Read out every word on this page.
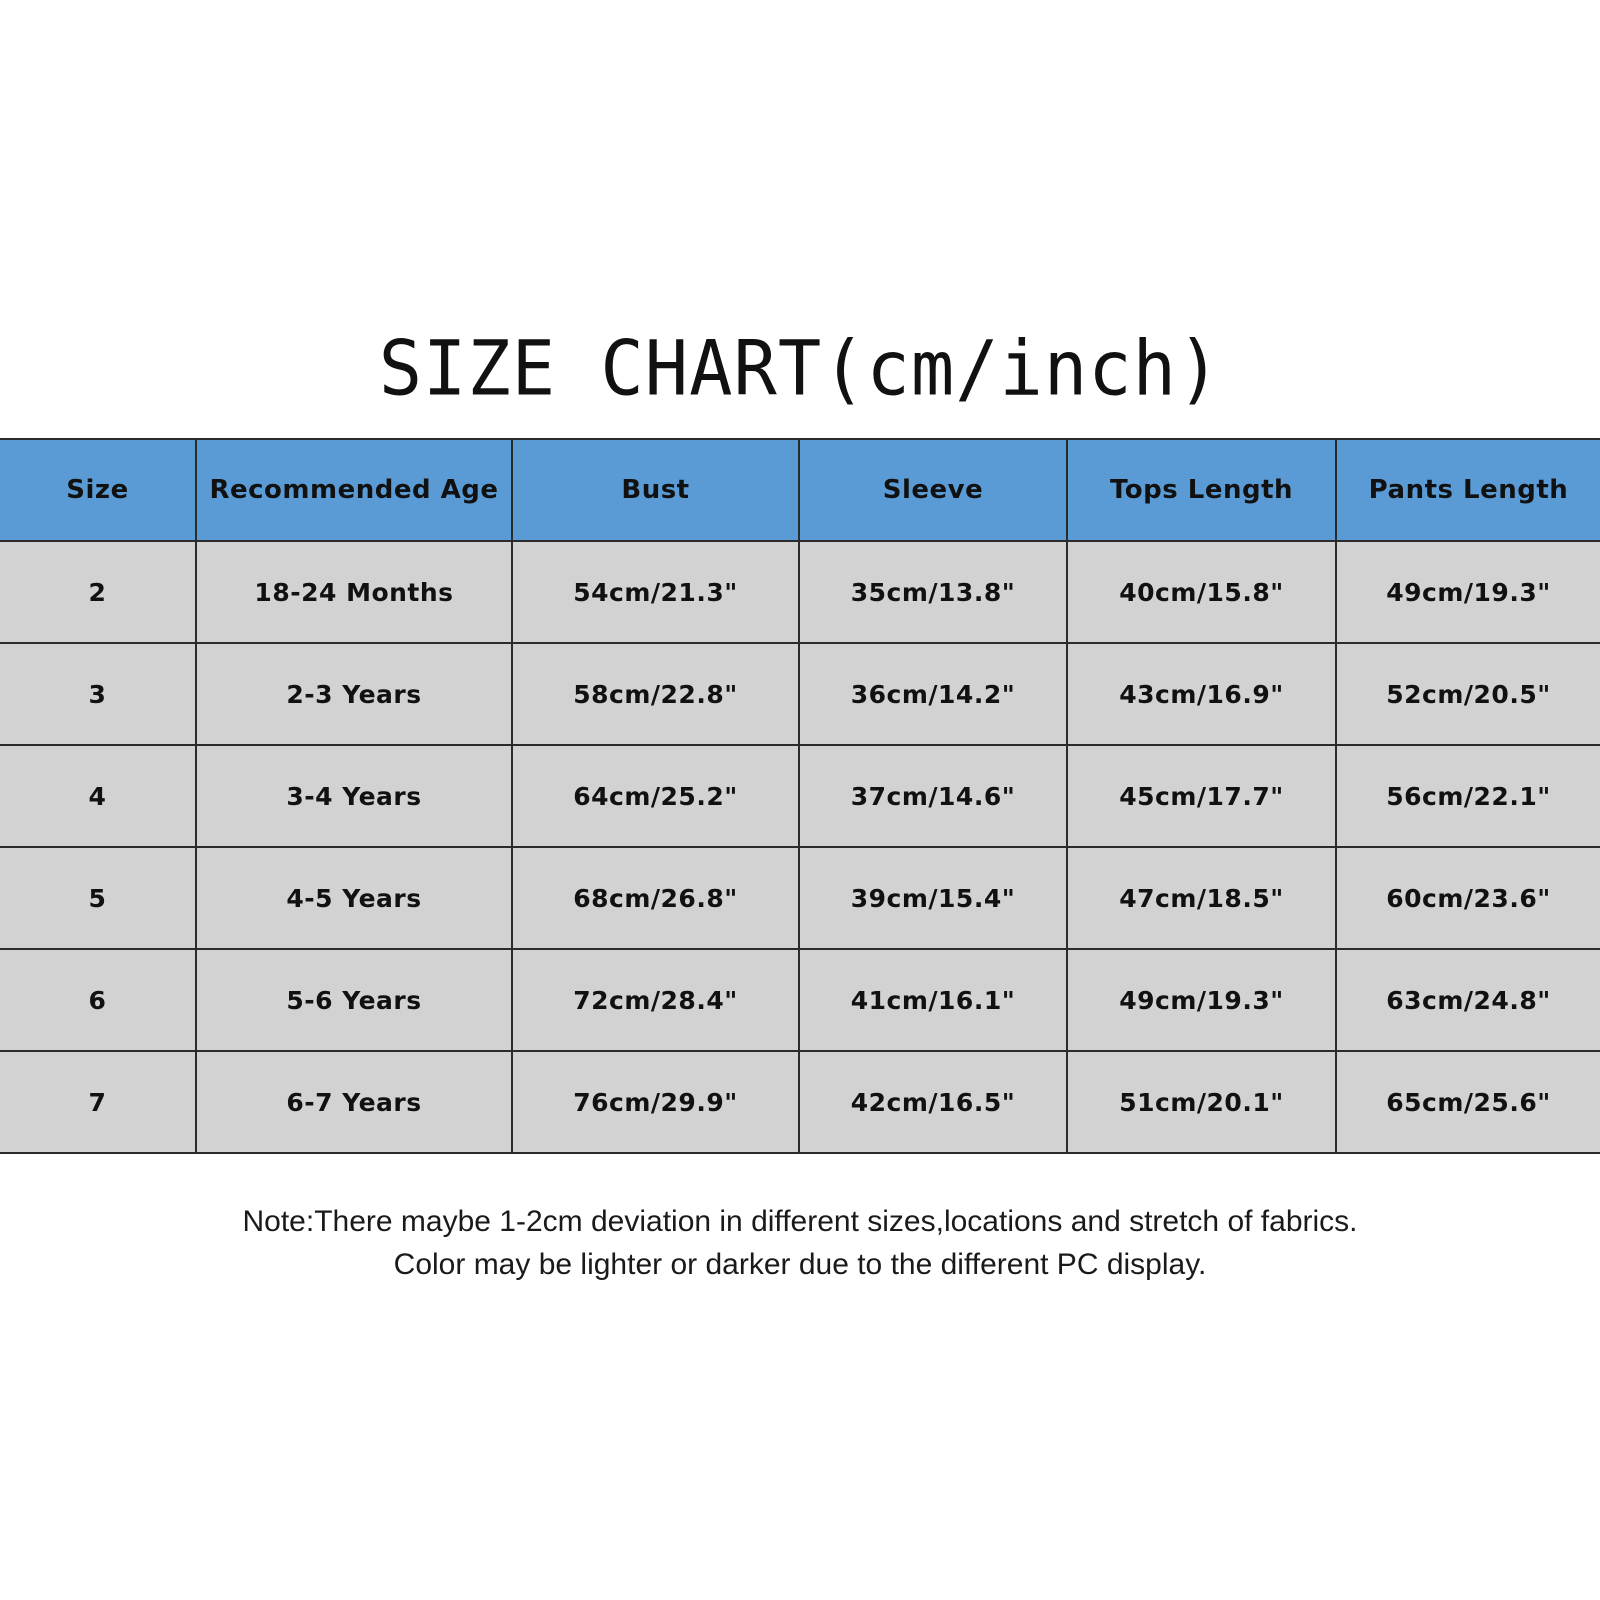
SIZE CHART(cm/inch)
Size	Recommended Age	Bust	Sleeve	Tops Length	Pants Length
2	18-24 Months	54cm/21.3"	35cm/13.8"	40cm/15.8"	49cm/19.3"
3	2-3 Years	58cm/22.8"	36cm/14.2"	43cm/16.9"	52cm/20.5"
4	3-4 Years	64cm/25.2"	37cm/14.6"	45cm/17.7"	56cm/22.1"
5	4-5 Years	68cm/26.8"	39cm/15.4"	47cm/18.5"	60cm/23.6"
6	5-6 Years	72cm/28.4"	41cm/16.1"	49cm/19.3"	63cm/24.8"
7	6-7 Years	76cm/29.9"	42cm/16.5"	51cm/20.1"	65cm/25.6"
Note:There maybe 1-2cm deviation in different sizes,locations and stretch of fabrics.
Color may be lighter or darker due to the different PC display.
